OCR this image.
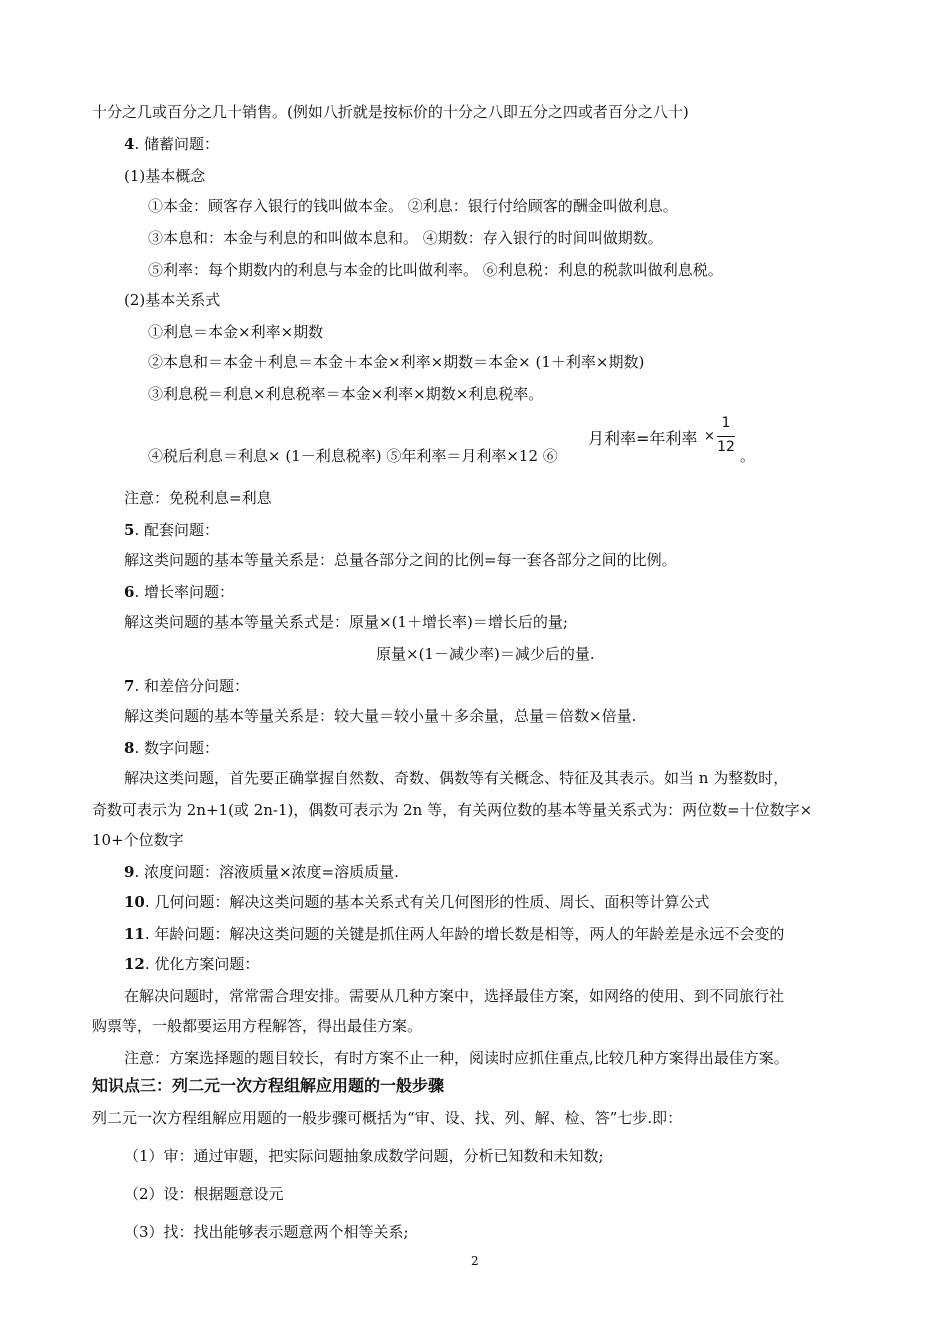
十分之几或百分之几十销售。(例如八折就是按标价的十分之八即五分之四或者百分之八十)
4. 储蓄问题：
(1)基本概念
①本金：顾客存入银行的钱叫做本金。 ②利息：银行付给顾客的酬金叫做利息。
③本息和：本金与利息的和叫做本息和。 ④期数：存入银行的时间叫做期数。
⑤利率：每个期数内的利息与本金的比叫做利率。 ⑥利息税：利息的税款叫做利息税。
(2)基本关系式
①利息＝本金×利率×期数
②本息和＝本金＋利息＝本金＋本金×利率×期数＝本金× (1＋利率×期数)
③利息税＝利息×利息税率＝本金×利率×期数×利息税率。
④税后利息＝利息× (1－利息税率) ⑤年利率＝月利率×12 ⑥
月利率=年利率 ×
1
12 。
注意：免税利息=利息
5. 配套问题：
解这类问题的基本等量关系是：总量各部分之间的比例=每一套各部分之间的比例。
6. 增长率问题：
解这类问题的基本等量关系式是：原量×(1＋增长率)＝增长后的量;
原量×(1－减少率)＝减少后的量.
7. 和差倍分问题：
解这类问题的基本等量关系是：较大量＝较小量＋多余量，总量＝倍数×倍量.
8. 数字问题：
解决这类问题，首先要正确掌握自然数、奇数、偶数等有关概念、特征及其表示。如当 n 为整数时，
奇数可表示为 2n+1(或 2n-1)，偶数可表示为 2n 等，有关两位数的基本等量关系式为：两位数=十位数字×
10+个位数字
9. 浓度问题：溶液质量×浓度=溶质质量.
10. 几何问题：解决这类问题的基本关系式有关几何图形的性质、周长、面积等计算公式
11. 年龄问题：解决这类问题的关键是抓住两人年龄的增长数是相等，两人的年龄差是永远不会变的
12. 优化方案问题：
在解决问题时，常常需合理安排。需要从几种方案中，选择最佳方案，如网络的使用、到不同旅行社
购票等，一般都要运用方程解答，得出最佳方案。
注意：方案选择题的题目较长，有时方案不止一种，阅读时应抓住重点,比较几种方案得出最佳方案。
知识点三：列二元一次方程组解应用题的一般步骤
列二元一次方程组解应用题的一般步骤可概括为“审、设、找、列、解、检、答”七步.即：
（1）审：通过审题，把实际问题抽象成数学问题，分析已知数和未知数;
（2）设：根据题意设元
（3）找：找出能够表示题意两个相等关系;
2
